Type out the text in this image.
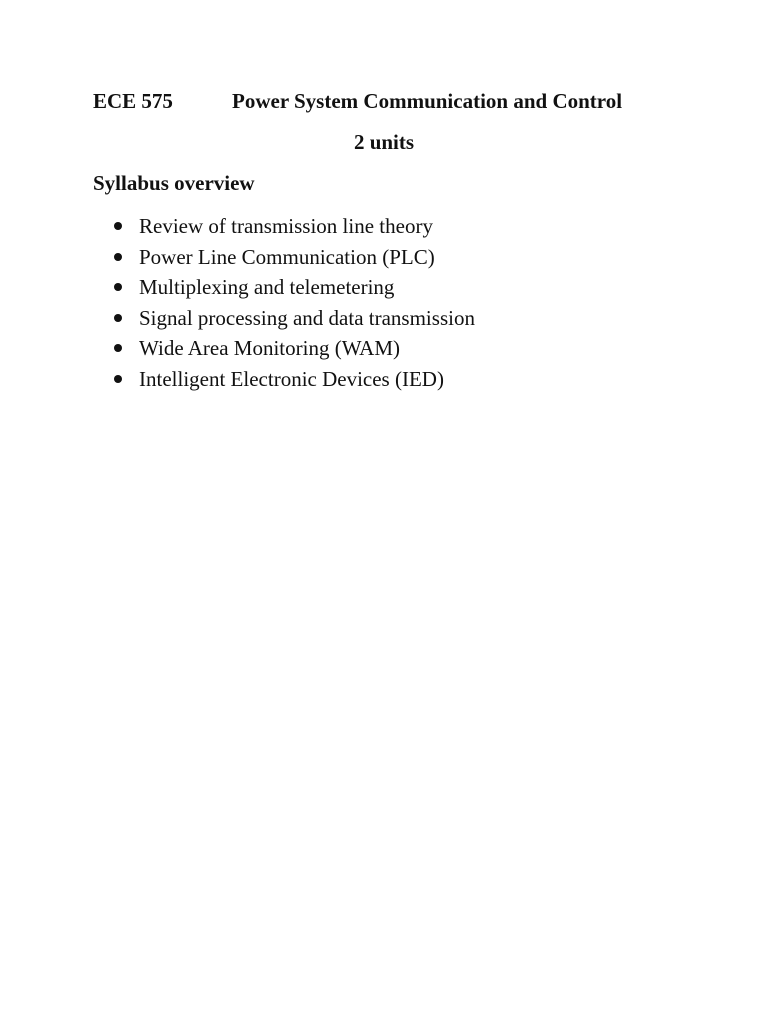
ECE 575	Power System Communication and Control
2 units
Syllabus overview
Review of transmission line theory
Power Line Communication (PLC)
Multiplexing and telemetering
Signal processing and data transmission
Wide Area Monitoring (WAM)
Intelligent Electronic Devices (IED)
